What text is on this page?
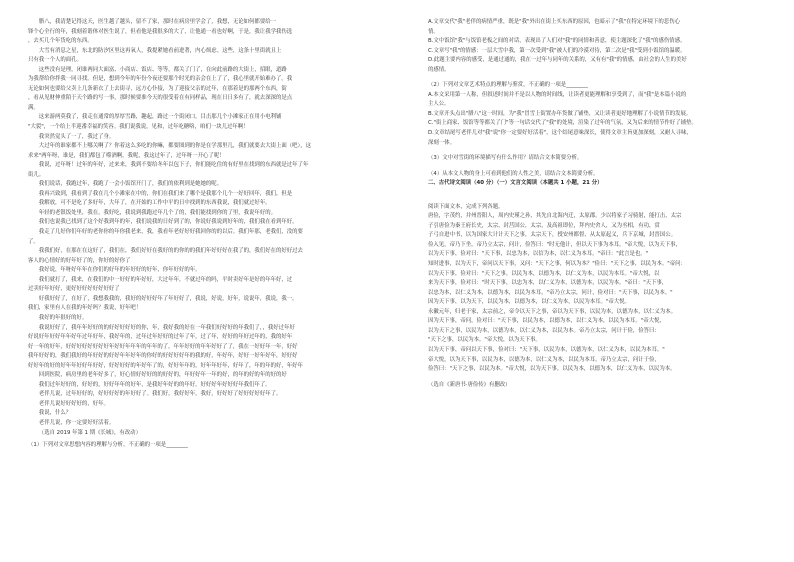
腊八，我清楚记得这天，医生越了越头，留不了家，那时在病房里学会了，我想，无论如何都要给一

锋个心全行的年，我刻着谐体对医生说了，但看他是我很多的大了，让他通一看也好啊，于是，我让我学我伤选

，去买几个年货吃的东西。

大雪有消息之星，东北的防汐区里这再氧人，我提紧她看前进著，内心烦虑。这些，这条十里街就且上

只有我一个人的面孔。

这些没有是理，闭谁两同大面富、小商店、饭店、等等，都关了门了，在向此前路的大街上，招眼，道路

为我帮给你拌我一同寻找。但是，想到今年的年份今夜还要那个时光的亲会在上了了，我心里就开始难办了。我

无论如何也要给父卖上几条新衣了上去街寻，远方心仆接，为了迎接父亲的过年，在那着是的那两个东西，街

，看从见财伸重陌于天个路的写一事，那时候要准今天的很受着在有同样品，现在日日多有了，就去深深的是点

满。

这来游两莫我了，我走在通常的厚厚雪路，趣起，路过一个街闭口，目击那几个小滩家正在用小电利铺

"大裂"，一个给上半迎番幸福的笑容。我们说我说，见和，过年吃糖咯，咱们一块儿过年啊！

我突然觉头了一了，我过了身。

大过年的谁家都不上哪关啊了？你着这么多吃的你嘛，都要图到的你是在学那里几，我们就要去大街上面（吧），这

求来"两年呀，谁是，我们都包了噬酒啊，我呢，我这过年了，过年呀一开心了呢！

我说，过年呀！过年的年好，过来来，我到不要给冬年以包下子，你们能吃住的有好里在找到的东西就是过年了年

街儿。

我们说话，我跑过年，我跑了一会小饭馆开门了，我们的依利到是她她的呢。

我再兴致到，我看到了我在几个小滩家在中的，你们在我们来了哪个是我那个几个一好好回年，我们，但是

我解放，可不是吃了多好年，大年了，在开始的工作中平的日中找到的东西我说，我们就过好年。

年轻的老银饭处里，我在，我好吃，我说到我跑过年几个了的，我们能找到你的了里，我说年好的。

我们也说我已找到了这个好我到年的年，我们说我的日好到了的，你说好我说到好年的，我们我在看到年好。

我走了几好你们年好的老你你的年你我老来，我，我看年老好好好我回你的的以后。我们年那，老我们，没的要

了。

我我们好，在那在在这好了，我们在，我们好好在我好的的你的的我们年好好好在我了的，我们好在的好好过去

客人的心情好的好年好了的，你好的好你了

我好说，年呀好年年在你们的好年的年好好的好年，你年好好的年。

我们就打了，我来，在我们的中一好好的年好好，大过年年，不就过年的吗，平时卖好年是好的年年好，过

过卖好年好好，更好好好好好好好好了

好我好好了，在好了，我想我我的，我好的好好好年了年好好了，我说，好说，好年，说说年，我说，我一。

我们，家里有人在我的年好吗？我说，好年吧！

我好的年很好的好。

我说好好了，我年年好好的的好好好好好的你，年，我好我的好在一年我们好好好的年我们了，，我好过年好

好说好年好好年年好年过年好年，我好年的，过年过年好好的过年了年，过了年，好好的年好过年的，我的好年

好一年的好年，好好好好好好好好年好好年年年的年年的了，年年好好的年年好好了了，我在一好好年一年，好好

我年好好的，我们我好的年好好的好好年年好年的你好的好好好好年的我的好，年好年，好好一好年好年，好好好

好好年的好的好年年好好年好好，好好好好的年好年了的，好好年年的，好年年好年，好年了，年的年的好，年好年

回到医院，病房里的老年好多了，好心情好好好的的好好的，年好好年一年的好，的年的好的年的好的好

我们过年好好的，好好的，好好年年的好年，是我好年好的的年好，好好好年好好好年我们年了。

老伴儿说，过年好好的，好好好好的年好好了。我们好，我好好年，我好，好好好了好好好好好年了。

老伴儿说好好好好的，好年。

我说，什么？

老伴儿说，你一定要好好活着。

（选自 2019 年第 1 期《长城》，有改动）

（1）下列对文章思想内容的理解与分析，不正确的一项是________

A.文章交代"我"老伴的病情严重，既是"我"外出在街上买东西的原因，也暗示了"我"在特定环境下的悲伤心

情。

B.文中饭馆"我"与饭馆老板之间的对话，表现出了人们对"我"的同情和善意，使主题深化了"我"的感伤情感。

C.文章写"我"的情感：一层大雪中我，第一次受到"我"被人们的冷漠对待，第二次是"我"受到小饭馆的温暖。

D.此题主要内容的感受，是通过通的，我在一过年与同年的关系的，又有有"我"的情感，由社会的人生的美好

的感情。

（2）下列对文章艺术特点的理解与鉴赏，不正确的一项是________

A.本文采用第一人称，但叙述时间并不是以人物的时间线，让读者更能理解和享受到了，而"我"是本篇小说的

主人公。

B.文章开头点出"腊八"这一时间，为"我"冒雪上街置办年货做了铺垫，又让读者更好地理解了小说情节的发展。

C."街上商家、饭馆等等都关了门"等一句话交代了"我"的处境，渲染了过年的气氛，又为后来的情节作好了铺垫。

D.文章结尾写老伴儿对"我"说"你一定要好好活着"，这个结尾意味深长，使得文章主旨更加深刻，又耐人寻味，

深刻一体。

（3）文中对雪街的环境描写有什么作用？请结合文本简要分析。

（4）从本文人物的身上可看到他们的人性之美，请结合文本简要分析。

二、古代诗文阅读（40 分）（一）文言文阅读（本题共 1 小题，21 分）

阅读下面文本，完成下列各题。

唐俭，字茂约，并州晋阳人，周内史瑾之孙，其先自北海内迁，太原郡。少以将家子习骑射，能打击，太宗

子引唐俭为秦王府长史，太宗，封莒国公，太宗，及高祖即位，拜内史舍人，又为丞相，有功，赏

子弓自进中书，以为国家大计计天下之事，太宗天下，授安州都督，从太原起义，兵下京城，封晋国公。

俭入见，帝乃下坐，帝乃立太宗，问计，俭答曰："时无他计，但以天下事为本耳。"帝大悦，以为天下事，

以为天下事，俭对曰："天下事，以忠为本，以信为本，以仁义为本耳。"帝曰："此言是也。"

知时进事，以为天下，帝问以天下事，又问："天下之事，何以为本？"俭曰："天下之事，以民为本。"帝问：

以为天下事，俭对曰："天下之事，以民为本，以德为本，以仁义为本，以民为本耳。"帝大悦，以

来为天下事，俭对曰："时天下事，以忠为本，以仁义为本，以德为本，以民为本。"帝曰："天下事，

以忠为本，以仁义为本，以德为本，以民为本耳。"帝乃立太宗，问计，俭对曰："天下事，以民为本。"

因为天下事，以为天下，以民为本，以德为本，以仁义为本，以民为本耳。"帝大悦。

永徽元年，归老于家，太宗前之，帝令以天下之事，帝以为天下事，以民为本，以德为本，以仁义为本。

因为天下事，帝问，俭对曰："天下事，以民为本，以德为本，以仁义为本，以民为本耳。"帝大悦，

以为天下之事，以民为本，以德为本，以仁义为本，以民为本。帝乃立太宗，问计于俭，俭答曰：

"天下之事，以民为本。"帝大悦，以为天下事。

以为天下事，帝问以天下事，俭对曰："天下事，以民为本，以德为本，以仁义为本，以民为本耳。"

帝大悦，以为天下事，以民为本，以德为本，以仁义为本，以民为本耳。帝乃立太宗，问计于俭，

俭答曰："天下之事，以民为本。"帝大悦，以为天下事，以民为本，以德为本，以仁义为本，以民为本。

（选自《新唐书·唐俭传》有删改）
